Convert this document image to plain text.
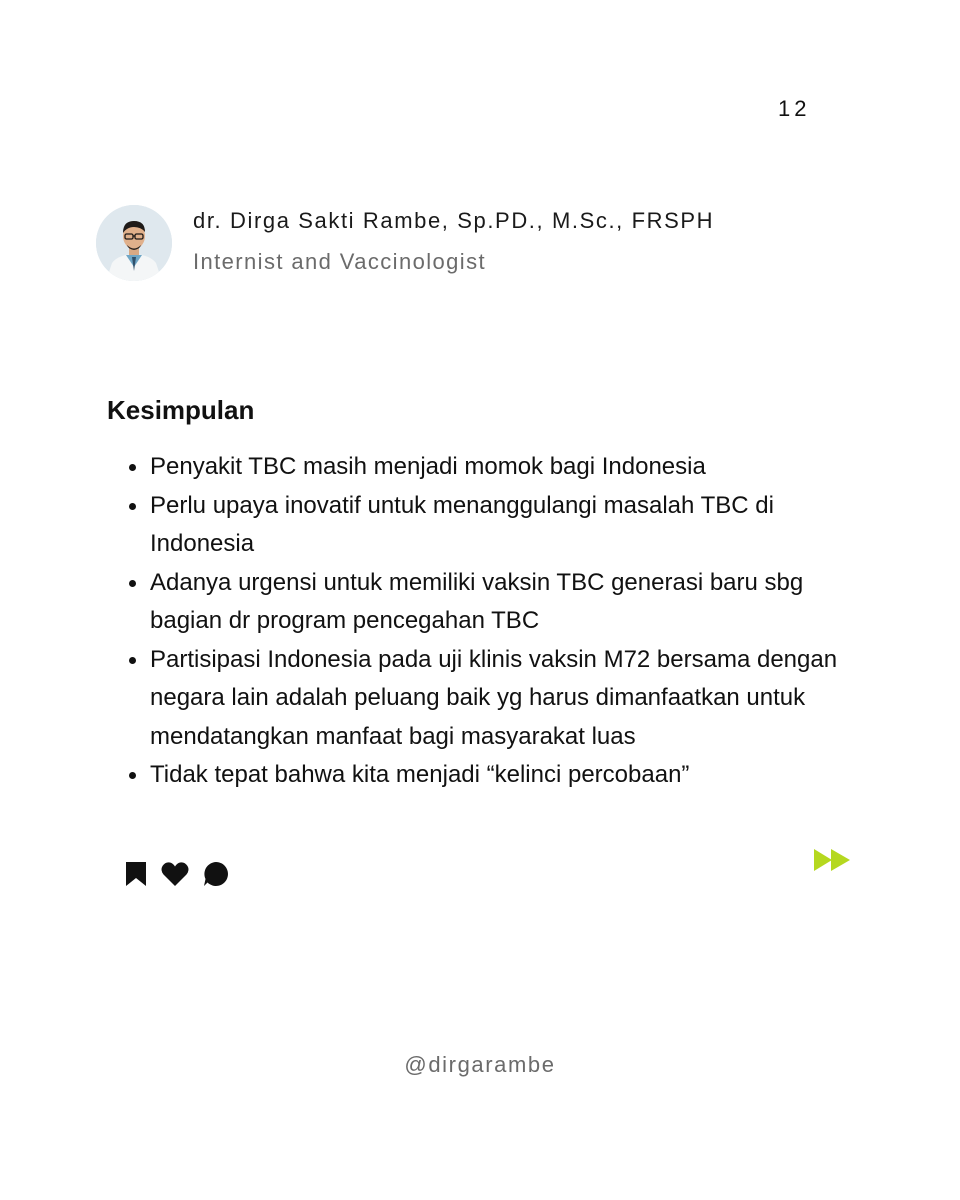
12
dr. Dirga Sakti Rambe, Sp.PD., M.Sc., FRSPH
Internist and Vaccinologist
Kesimpulan
Penyakit TBC masih menjadi momok bagi Indonesia
Perlu upaya inovatif untuk menanggulangi masalah TBC di Indonesia
Adanya urgensi untuk memiliki vaksin TBC generasi baru sbg bagian dr program pencegahan TBC
Partisipasi Indonesia pada uji klinis vaksin M72 bersama dengan negara lain adalah peluang baik yg harus dimanfaatkan untuk mendatangkan manfaat bagi masyarakat luas
Tidak tepat bahwa kita menjadi “kelinci percobaan”
@dirgarambe
